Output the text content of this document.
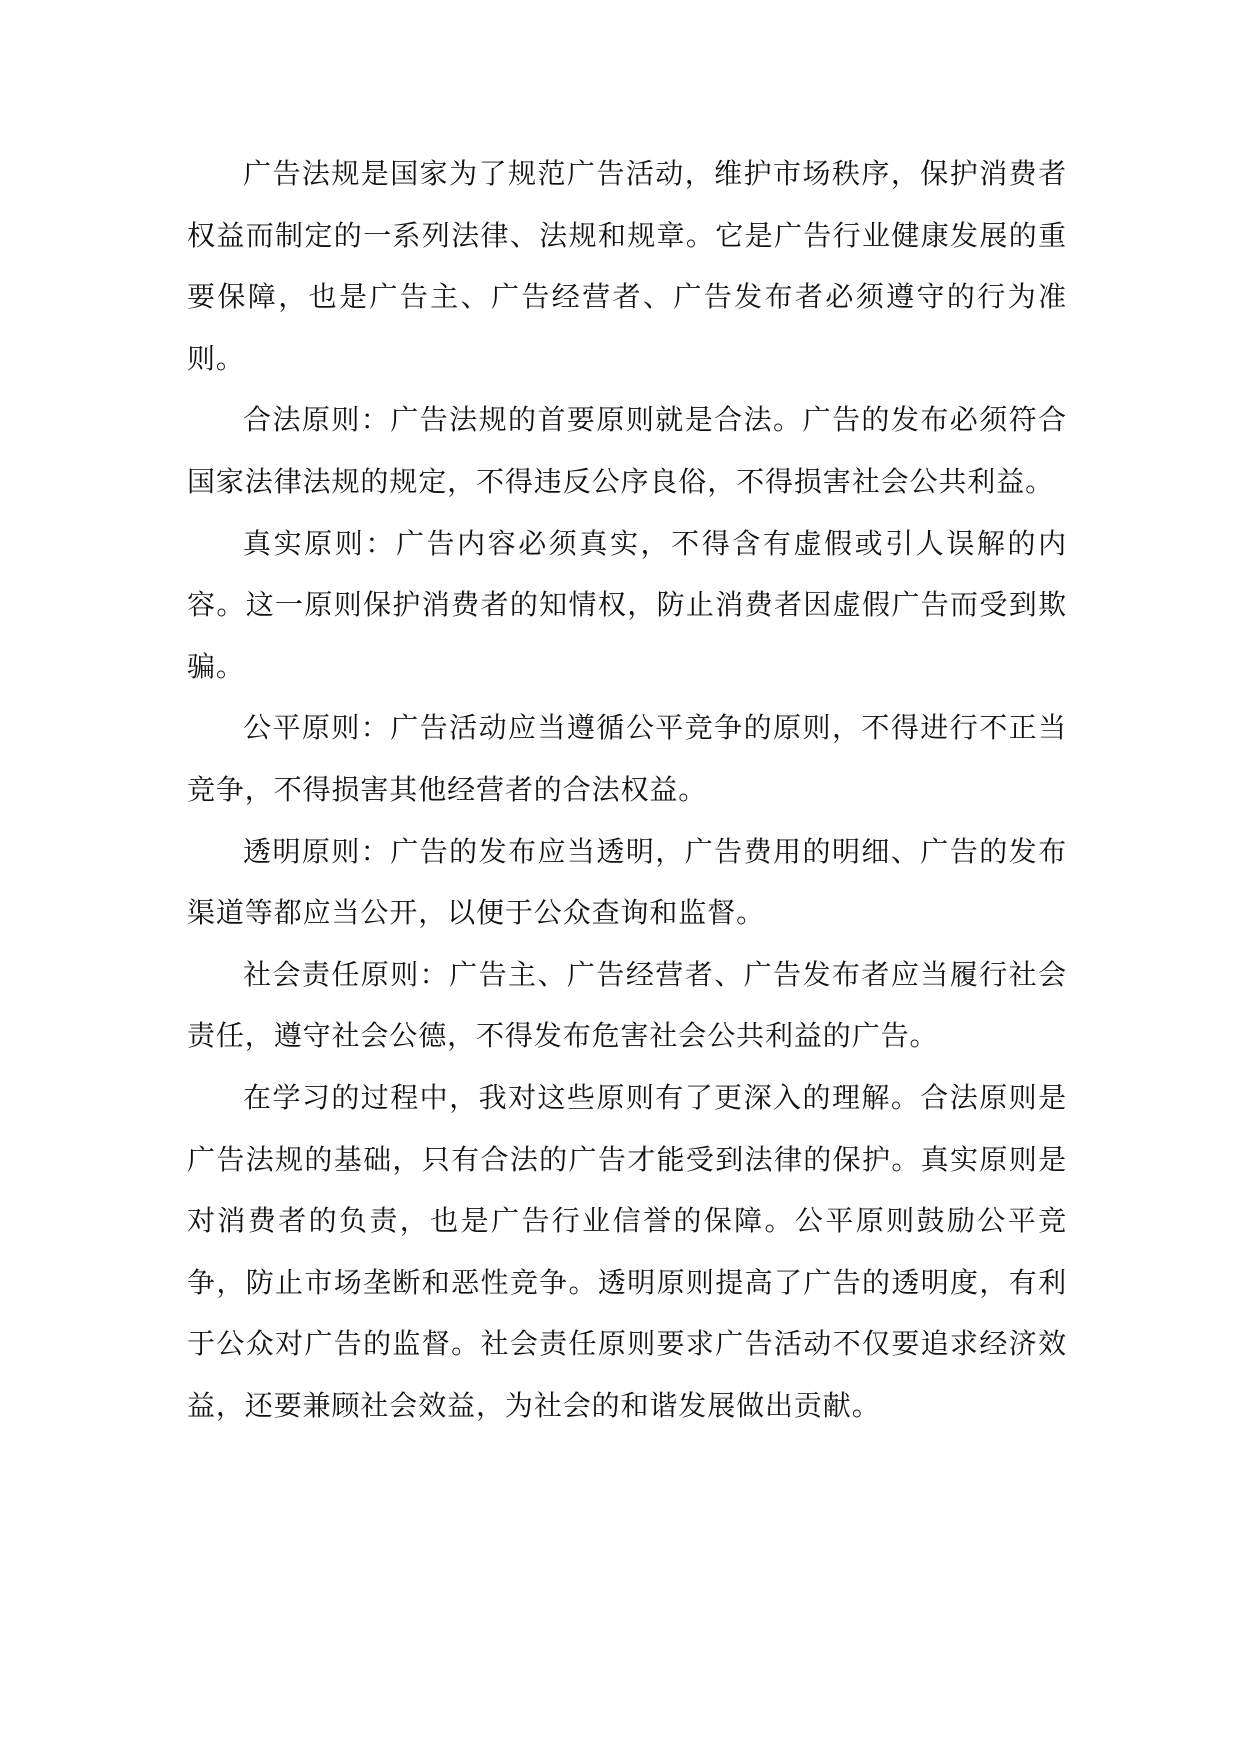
广告法规是国家为了规范广告活动，维护市场秩序，保护消费者权益而制定的一系列法律、法规和规章。它是广告行业健康发展的重要保障，也是广告主、广告经营者、广告发布者必须遵守的行为准则。

合法原则：广告法规的首要原则就是合法。广告的发布必须符合国家法律法规的规定，不得违反公序良俗，不得损害社会公共利益。

真实原则：广告内容必须真实，不得含有虚假或引人误解的内容。这一原则保护消费者的知情权，防止消费者因虚假广告而受到欺骗。

公平原则：广告活动应当遵循公平竞争的原则，不得进行不正当竞争，不得损害其他经营者的合法权益。

透明原则：广告的发布应当透明，广告费用的明细、广告的发布渠道等都应当公开，以便于公众查询和监督。

社会责任原则：广告主、广告经营者、广告发布者应当履行社会责任，遵守社会公德，不得发布危害社会公共利益的广告。

在学习的过程中，我对这些原则有了更深入的理解。合法原则是广告法规的基础，只有合法的广告才能受到法律的保护。真实原则是对消费者的负责，也是广告行业信誉的保障。公平原则鼓励公平竞争，防止市场垄断和恶性竞争。透明原则提高了广告的透明度，有利于公众对广告的监督。社会责任原则要求广告活动不仅要追求经济效益，还要兼顾社会效益，为社会的和谐发展做出贡献。
